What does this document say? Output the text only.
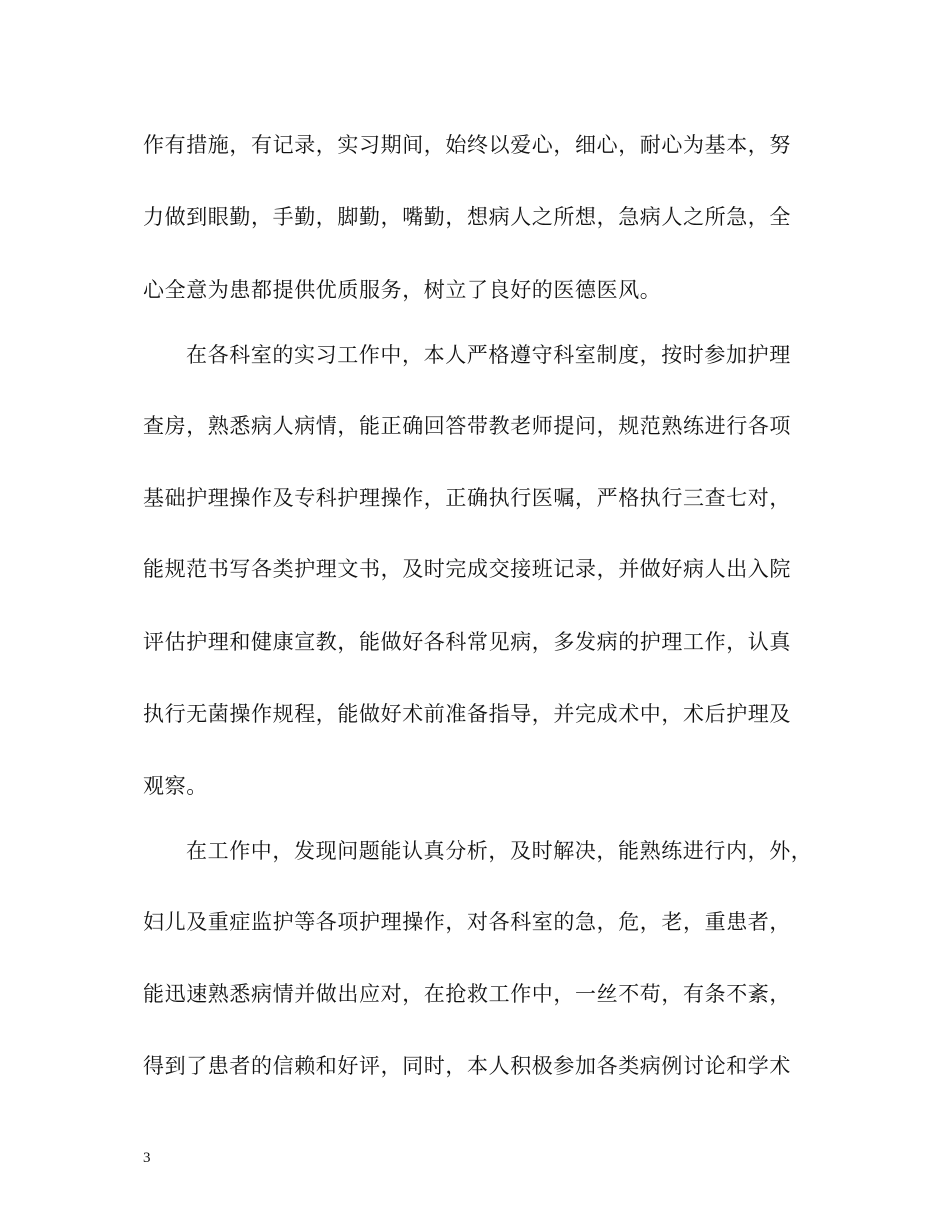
作有措施，有记录，实习期间，始终以爱心，细心，耐心为基本，努
力做到眼勤，手勤，脚勤，嘴勤，想病人之所想，急病人之所急，全
心全意为患都提供优质服务，树立了良好的医德医风。
在各科室的实习工作中，本人严格遵守科室制度，按时参加护理
查房，熟悉病人病情，能正确回答带教老师提问，规范熟练进行各项
基础护理操作及专科护理操作，正确执行医嘱，严格执行三查七对，
能规范书写各类护理文书，及时完成交接班记录，并做好病人出入院
评估护理和健康宣教，能做好各科常见病，多发病的护理工作，认真
执行无菌操作规程，能做好术前准备指导，并完成术中，术后护理及
观察。
在工作中，发现问题能认真分析，及时解决，能熟练进行内，外，
妇儿及重症监护等各项护理操作，对各科室的急，危，老，重患者，
能迅速熟悉病情并做出应对，在抢救工作中，一丝不苟，有条不紊，
得到了患者的信赖和好评，同时，本人积极参加各类病例讨论和学术
3
